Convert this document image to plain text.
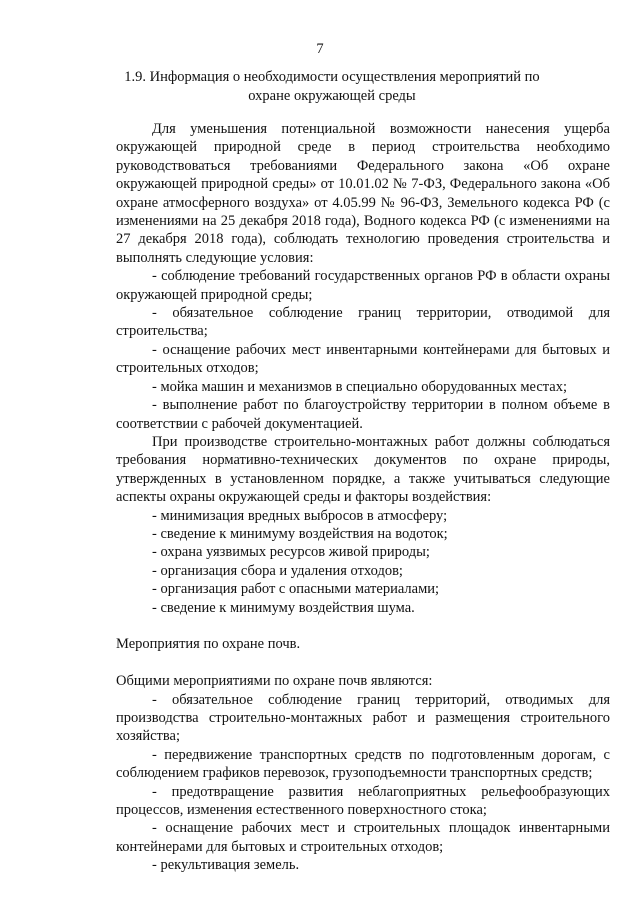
7
1.9. Информация о необходимости осуществления мероприятий по охране окружающей среды

Для уменьшения потенциальной возможности нанесения ущерба окружающей природной среде в период строительства необходимо руководствоваться требованиями Федерального закона «Об охране окружающей природной среды» от 10.01.02 № 7-ФЗ, Федерального закона «Об охране атмосферного воздуха» от 4.05.99 № 96-ФЗ, Земельного кодекса РФ (с изменениями на 25 декабря 2018 года), Водного кодекса РФ (с изменениями на 27 декабря 2018 года), соблюдать технологию проведения строительства и выполнять следующие условия:

- соблюдение требований государственных органов РФ в области охраны окружающей природной среды;

- обязательное соблюдение границ территории, отводимой для строительства;

- оснащение рабочих мест инвентарными контейнерами для бытовых и строительных отходов;

- мойка машин и механизмов в специально оборудованных местах;

- выполнение работ по благоустройству территории в полном объеме в соответствии с рабочей документацией.

При производстве строительно-монтажных работ должны соблюдаться требования нормативно-технических документов по охране природы, утвержденных в установленном порядке, а также учитываться следующие аспекты охраны окружающей среды и факторы воздействия:

- минимизация вредных выбросов в атмосферу;

- сведение к минимуму воздействия на водоток;

- охрана уязвимых ресурсов живой природы;

- организация сбора и удаления отходов;

- организация работ с опасными материалами;

- сведение к минимуму воздействия шума.

Мероприятия по охране почв.

Общими мероприятиями по охране почв являются:

- обязательное соблюдение границ территорий, отводимых для производства строительно-монтажных работ и размещения строительного хозяйства;

- передвижение транспортных средств по подготовленным дорогам, с соблюдением графиков перевозок, грузоподъемности транспортных средств;

- предотвращение развития неблагоприятных рельефообразующих процессов, изменения естественного поверхностного стока;

- оснащение рабочих мест и строительных площадок инвентарными контейнерами для бытовых и строительных отходов;

- рекультивация земель.
